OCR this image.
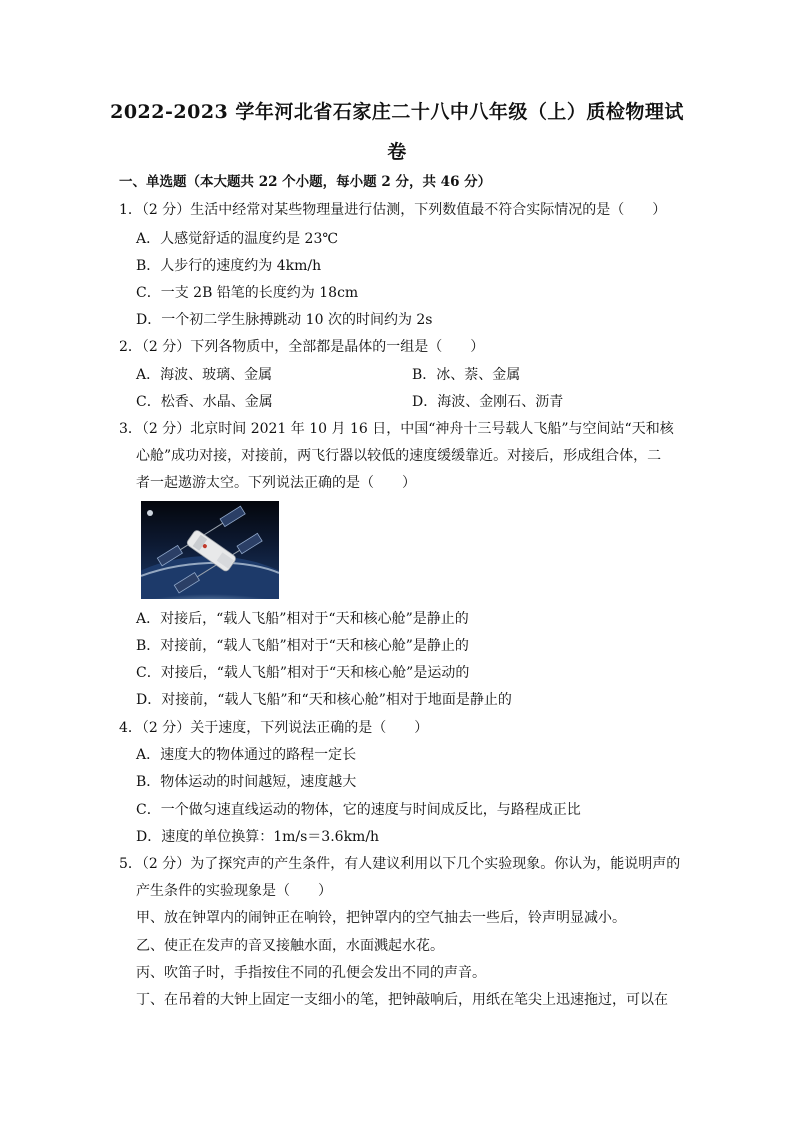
2022-2023 学年河北省石家庄二十八中八年级（上）质检物理试
卷
一、单选题（本大题共 22 个小题，每小题 2 分，共 46 分）
1．（2 分）生活中经常对某些物理量进行估测，下列数值最不符合实际情况的是（　　）
A．人感觉舒适的温度约是 23℃
B．人步行的速度约为 4km/h
C．一支 2B 铅笔的长度约为 18cm
D．一个初二学生脉搏跳动 10 次的时间约为 2s
2．（2 分）下列各物质中，全部都是晶体的一组是（　　）
A．海波、玻璃、金属	B．冰、萘、金属
C．松香、水晶、金属	D．海波、金刚石、沥青
3．（2 分）北京时间 2021 年 10 月 16 日，中国“神舟十三号载人飞船”与空间站“天和核
心舱”成功对接，对接前，两飞行器以较低的速度缓缓靠近。对接后，形成组合体，二
者一起遨游太空。下列说法正确的是（　　）
A．对接后，“载人飞船”相对于“天和核心舱”是静止的
B．对接前，“载人飞船”相对于“天和核心舱”是静止的
C．对接后，“载人飞船”相对于“天和核心舱”是运动的
D．对接前，“载人飞船”和“天和核心舱”相对于地面是静止的
4．（2 分）关于速度，下列说法正确的是（　　）
A．速度大的物体通过的路程一定长
B．物体运动的时间越短，速度越大
C．一个做匀速直线运动的物体，它的速度与时间成反比，与路程成正比
D．速度的单位换算：1m/s＝3.6km/h
5．（2 分）为了探究声的产生条件，有人建议利用以下几个实验现象。你认为，能说明声的
产生条件的实验现象是（　　）
甲、放在钟罩内的闹钟正在响铃，把钟罩内的空气抽去一些后，铃声明显减小。
乙、使正在发声的音叉接触水面，水面溅起水花。
丙、吹笛子时，手指按住不同的孔便会发出不同的声音。
丁、在吊着的大钟上固定一支细小的笔，把钟敲响后，用纸在笔尖上迅速拖过，可以在
